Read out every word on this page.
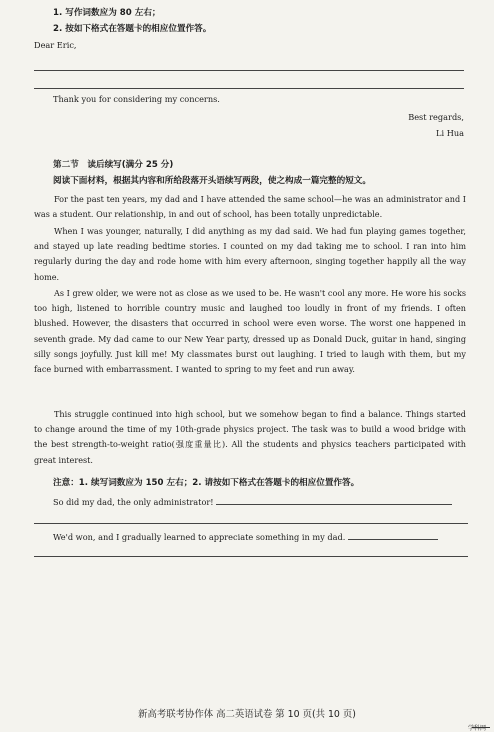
1. 写作词数应为 80 左右；
2. 按如下格式在答题卡的相应位置作答。
Dear Eric,
Thank you for considering my concerns.
Best regards,
Li Hua
第二节　读后续写(满分 25 分)
阅读下面材料，根据其内容和所给段落开头语续写两段，使之构成一篇完整的短文。
For the past ten years, my dad and I have attended the same school—he was an administrator and I was a student. Our relationship, in and out of school, has been totally unpredictable.
When I was younger, naturally, I did anything as my dad said. We had fun playing games together, and stayed up late reading bedtime stories. I counted on my dad taking me to school. I ran into him regularly during the day and rode home with him every afternoon, singing together happily all the way home.
As I grew older, we were not as close as we used to be. He wasn't cool any more. He wore his socks too high, listened to horrible country music and laughed too loudly in front of my friends. I often blushed. However, the disasters that occurred in school were even worse. The worst one happened in seventh grade. My dad came to our New Year party, dressed up as Donald Duck, guitar in hand, singing silly songs joyfully. Just kill me! My classmates burst out laughing. I tried to laugh with them, but my face burned with embarrassment. I wanted to spring to my feet and run away.
This struggle continued into high school, but we somehow began to find a balance. Things started to change around the time of my 10th-grade physics project. The task was to build a wood bridge with the best strength-to-weight ratio(强度重量比). All the students and physics teachers participated with great interest.
注意：1. 续写词数应为 150 左右；2. 请按如下格式在答题卡的相应位置作答。
So did my dad, the only administrator!
We'd won, and I gradually learned to appreciate something in my dad.
新高考联考协作体 高二英语试卷 第 10 页(共 10 页)
学科网
